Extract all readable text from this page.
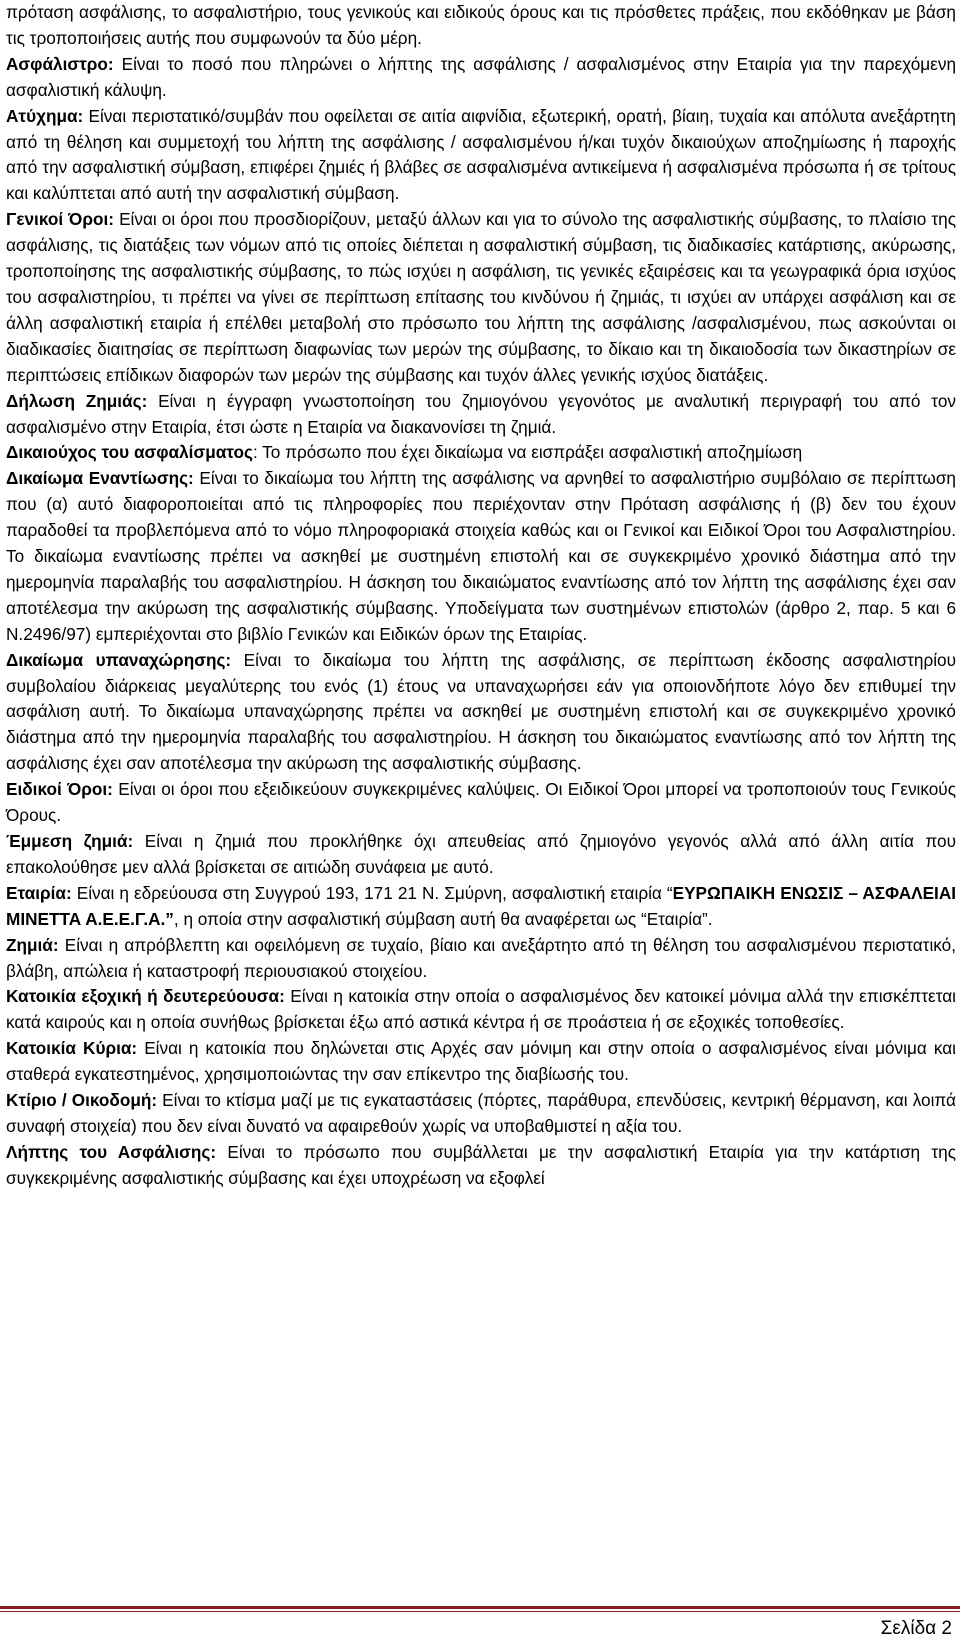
πρόταση ασφάλισης, το ασφαλιστήριο, τους γενικούς και ειδικούς όρους και τις πρόσθετες πράξεις, που εκδόθηκαν με βάση τις τροποποιήσεις αυτής που συμφωνούν τα δύο μέρη.

Ασφάλιστρο: Είναι το ποσό που πληρώνει ο λήπτης της ασφάλισης / ασφαλισμένος στην Εταιρία για την παρεχόμενη ασφαλιστική κάλυψη.

Ατύχημα: Είναι περιστατικό/συμβάν που οφείλεται σε αιτία αιφνίδια, εξωτερική, ορατή, βίαιη, τυχαία και απόλυτα ανεξάρτητη από τη θέληση και συμμετοχή του λήπτη της ασφάλισης / ασφαλισμένου ή/και τυχόν δικαιούχων αποζημίωσης ή παροχής από την ασφαλιστική σύμβαση, επιφέρει ζημιές ή βλάβες σε ασφαλισμένα αντικείμενα ή ασφαλισμένα πρόσωπα ή σε τρίτους και καλύπτεται από αυτή την ασφαλιστική σύμβαση.

Γενικοί Όροι: Είναι οι όροι που προσδιορίζουν, μεταξύ άλλων και για το σύνολο της ασφαλιστικής σύμβασης, το πλαίσιο της ασφάλισης, τις διατάξεις των νόμων από τις οποίες διέπεται η ασφαλιστική σύμβαση, τις διαδικασίες κατάρτισης, ακύρωσης, τροποποίησης της ασφαλιστικής σύμβασης, το πώς ισχύει η ασφάλιση, τις γενικές εξαιρέσεις και τα γεωγραφικά όρια ισχύος του ασφαλιστηρίου, τι πρέπει να γίνει σε περίπτωση επίτασης του κινδύνου ή ζημιάς, τι ισχύει αν υπάρχει ασφάλιση και σε άλλη ασφαλιστική εταιρία ή επέλθει μεταβολή στο πρόσωπο του λήπτη της ασφάλισης /ασφαλισμένου, πως ασκούνται οι διαδικασίες διαιτησίας σε περίπτωση διαφωνίας των μερών της σύμβασης, το δίκαιο και τη δικαιοδοσία των δικαστηρίων σε περιπτώσεις επίδικων διαφορών των μερών της σύμβασης και τυχόν άλλες γενικής ισχύος διατάξεις.

Δήλωση Ζημιάς: Είναι η έγγραφη γνωστοποίηση του ζημιογόνου γεγονότος με αναλυτική περιγραφή του από τον ασφαλισμένο στην Εταιρία, έτσι ώστε η Εταιρία να διακανονίσει τη ζημιά.

Δικαιούχος του ασφαλίσματος: Το πρόσωπο που έχει δικαίωμα να εισπράξει ασφαλιστική αποζημίωση

Δικαίωμα Εναντίωσης: Είναι το δικαίωμα του λήπτη της ασφάλισης να αρνηθεί το ασφαλιστήριο συμβόλαιο σε περίπτωση που (α) αυτό διαφοροποιείται από τις πληροφορίες που περιέχονταν στην Πρόταση ασφάλισης ή (β) δεν του έχουν παραδοθεί τα προβλεπόμενα από το νόμο πληροφοριακά στοιχεία καθώς και οι Γενικοί και Ειδικοί Όροι του Ασφαλιστηρίου. Το δικαίωμα εναντίωσης πρέπει να ασκηθεί με συστημένη επιστολή και σε συγκεκριμένο χρονικό διάστημα από την ημερομηνία παραλαβής του ασφαλιστηρίου. Η άσκηση του δικαιώματος εναντίωσης από τον λήπτη της ασφάλισης έχει σαν αποτέλεσμα την ακύρωση της ασφαλιστικής σύμβασης. Υποδείγματα των συστημένων επιστολών (άρθρο 2, παρ. 5 και 6 Ν.2496/97) εμπεριέχονται στο βιβλίο Γενικών και Ειδικών όρων της Εταιρίας.

Δικαίωμα υπαναχώρησης: Είναι το δικαίωμα του λήπτη της ασφάλισης, σε περίπτωση έκδοσης ασφαλιστηρίου συμβολαίου διάρκειας μεγαλύτερης του ενός (1) έτους να υπαναχωρήσει εάν για οποιονδήποτε λόγο δεν επιθυμεί την ασφάλιση αυτή. Το δικαίωμα υπαναχώρησης πρέπει να ασκηθεί με συστημένη επιστολή και σε συγκεκριμένο χρονικό διάστημα από την ημερομηνία παραλαβής του ασφαλιστηρίου. Η άσκηση του δικαιώματος εναντίωσης από τον λήπτη της ασφάλισης έχει σαν αποτέλεσμα την ακύρωση της ασφαλιστικής σύμβασης.

Ειδικοί Όροι: Είναι οι όροι που εξειδικεύουν συγκεκριμένες καλύψεις. Οι Ειδικοί Όροι μπορεί να τροποποιούν τους Γενικούς Όρους.

Έμμεση ζημιά: Είναι η ζημιά που προκλήθηκε όχι απευθείας από ζημιογόνο γεγονός αλλά από άλλη αιτία που επακολούθησε μεν αλλά βρίσκεται σε αιτιώδη συνάφεια με αυτό.

Εταιρία: Είναι η εδρεύουσα στη Συγγρού 193, 171 21 Ν. Σμύρνη, ασφαλιστική εταιρία “ΕΥΡΩΠΑΙΚΗ ΕΝΩΣΙΣ – ΑΣΦΑΛΕΙΑΙ ΜΙΝΕΤΤΑ Α.Ε.Ε.Γ.Α.”, η οποία στην ασφαλιστική σύμβαση αυτή θα αναφέρεται ως “Εταιρία”.

Ζημιά: Είναι η απρόβλεπτη και οφειλόμενη σε τυχαίο, βίαιο και ανεξάρτητο από τη θέληση του ασφαλισμένου περιστατικό, βλάβη, απώλεια ή καταστροφή περιουσιακού στοιχείου.

Κατοικία εξοχική ή δευτερεύουσα: Είναι η κατοικία στην οποία ο ασφαλισμένος δεν κατοικεί μόνιμα αλλά την επισκέπτεται κατά καιρούς και η οποία συνήθως βρίσκεται έξω από αστικά κέντρα ή σε προάστεια ή σε εξοχικές τοποθεσίες.

Κατοικία Κύρια: Είναι η κατοικία που δηλώνεται στις Αρχές σαν μόνιμη και στην οποία ο ασφαλισμένος είναι μόνιμα και σταθερά εγκατεστημένος, χρησιμοποιώντας την σαν επίκεντρο της διαβίωσής του.

Κτίριο / Οικοδομή: Είναι το κτίσμα μαζί με τις εγκαταστάσεις (πόρτες, παράθυρα, επενδύσεις, κεντρική θέρμανση, και λοιπά συναφή στοιχεία) που δεν είναι δυνατό να αφαιρεθούν χωρίς να υποβαθμιστεί η αξία του.

Λήπτης του Ασφάλισης: Είναι το πρόσωπο που συμβάλλεται με την ασφαλιστική Εταιρία για την κατάρτιση της συγκεκριμένης ασφαλιστικής σύμβασης και έχει υποχρέωση να εξοφλεί

Σελίδα 2
